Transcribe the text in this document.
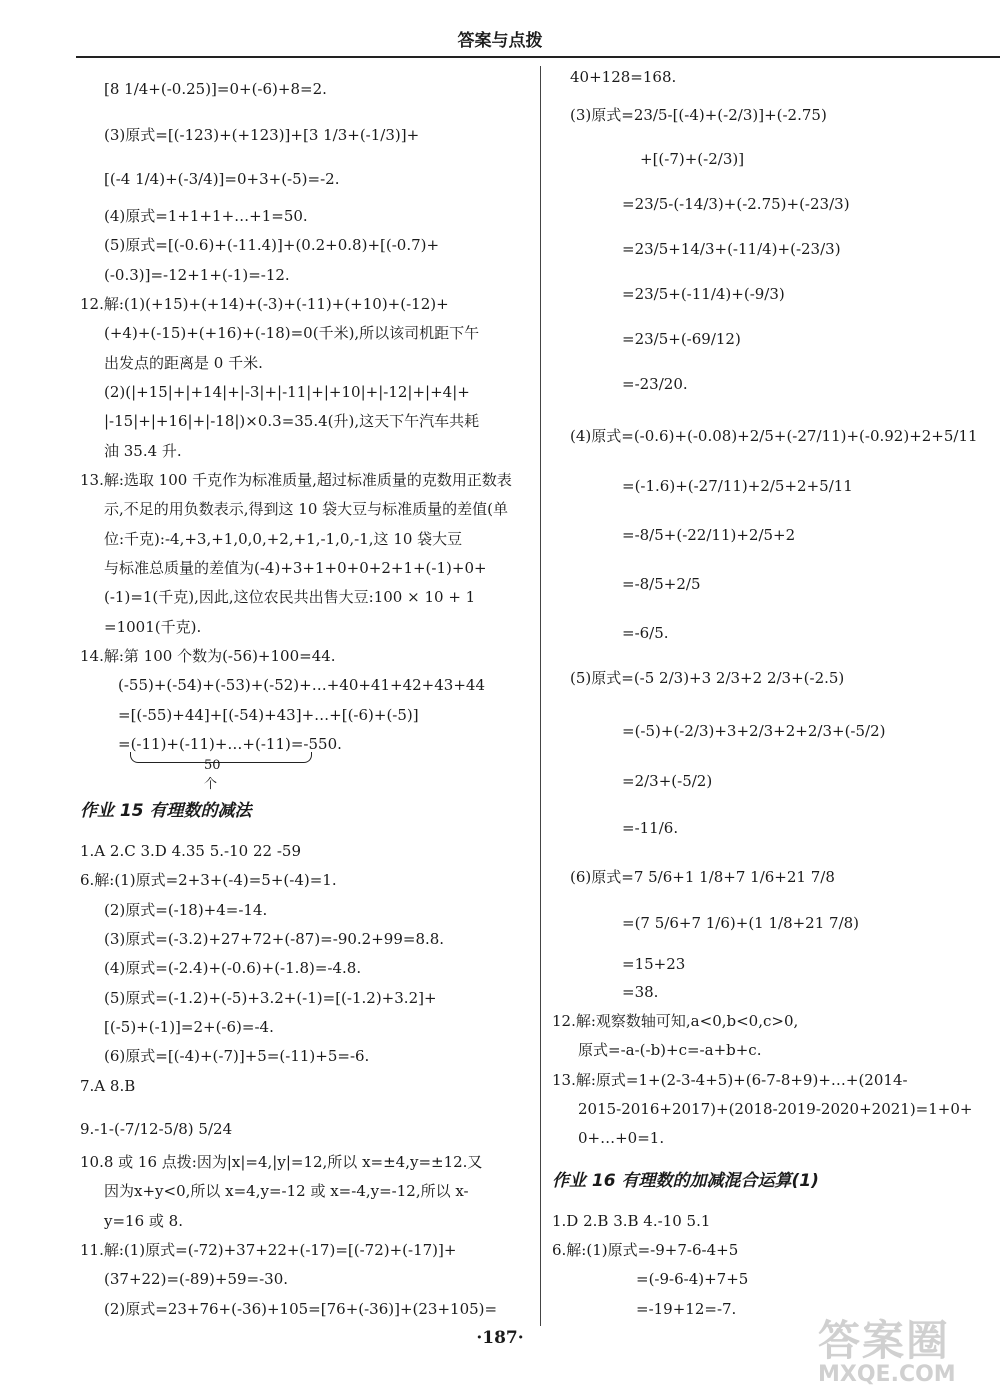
答案与点拨
[8 1/4+(-0.25)]=0+(-6)+8=2.
(3)原式=[(-123)+(+123)]+[3 1/3+(-1/3)]+
[(-4 1/4)+(-3/4)]=0+3+(-5)=-2.
(4)原式=1+1+1+…+1=50.
(5)原式=[(-0.6)+(-11.4)]+(0.2+0.8)+[(-0.7)+
(-0.3)]=-12+1+(-1)=-12.
12.解:(1)(+15)+(+14)+(-3)+(-11)+(+10)+(-12)+
(+4)+(-15)+(+16)+(-18)=0(千米),所以该司机距下午
出发点的距离是 0 千米.
(2)(|+15|+|+14|+|-3|+|-11|+|+10|+|-12|+|+4|+
|-15|+|+16|+|-18|)×0.3=35.4(升),这天下午汽车共耗
油 35.4 升.
13.解:选取 100 千克作为标准质量,超过标准质量的克数用正数表
示,不足的用负数表示,得到这 10 袋大豆与标准质量的差值(单
位:千克):-4,+3,+1,0,0,+2,+1,-1,0,-1,这 10 袋大豆
与标准总质量的差值为(-4)+3+1+0+0+2+1+(-1)+0+
(-1)=1(千克),因此,这位农民共出售大豆:100 × 10 + 1
=1001(千克).
14.解:第 100 个数为(-56)+100=44.
(-55)+(-54)+(-53)+(-52)+…+40+41+42+43+44
=[(-55)+44]+[(-54)+43]+…+[(-6)+(-5)]
=(-11)+(-11)+…+(-11)=-550.
50个
作业 15 有理数的减法
1.A 2.C 3.D 4.35 5.-10 22 -59
6.解:(1)原式=2+3+(-4)=5+(-4)=1.
(2)原式=(-18)+4=-14.
(3)原式=(-3.2)+27+72+(-87)=-90.2+99=8.8.
(4)原式=(-2.4)+(-0.6)+(-1.8)=-4.8.
(5)原式=(-1.2)+(-5)+3.2+(-1)=[(-1.2)+3.2]+
[(-5)+(-1)]=2+(-6)=-4.
(6)原式=[(-4)+(-7)]+5=(-11)+5=-6.
7.A 8.B
9.-1-(-7/12-5/8) 5/24
10.8 或 16 点拨:因为|x|=4,|y|=12,所以 x=±4,y=±12.又
因为x+y<0,所以 x=4,y=-12 或 x=-4,y=-12,所以 x-
y=16 或 8.
11.解:(1)原式=(-72)+37+22+(-17)=[(-72)+(-17)]+
(37+22)=(-89)+59=-30.
(2)原式=23+76+(-36)+105=[76+(-36)]+(23+105)=
40+128=168.
(3)原式=23/5-[(-4)+(-2/3)]+(-2.75)
+[(-7)+(-2/3)]
=23/5-(-14/3)+(-2.75)+(-23/3)
=23/5+14/3+(-11/4)+(-23/3)
=23/5+(-11/4)+(-9/3)
=23/5+(-69/12)
=-23/20.
(4)原式=(-0.6)+(-0.08)+2/5+(-27/11)+(-0.92)+2+5/11
=(-1.6)+(-27/11)+2/5+2+5/11
=-8/5+(-22/11)+2/5+2
=-8/5+2/5
=-6/5.
(5)原式=(-5 2/3)+3 2/3+2 2/3+(-2.5)
=(-5)+(-2/3)+3+2/3+2+2/3+(-5/2)
=2/3+(-5/2)
=-11/6.
(6)原式=7 5/6+1 1/8+7 1/6+21 7/8
=(7 5/6+7 1/6)+(1 1/8+21 7/8)
=15+23
=38.
12.解:观察数轴可知,a<0,b<0,c>0,
原式=-a-(-b)+c=-a+b+c.
13.解:原式=1+(2-3-4+5)+(6-7-8+9)+…+(2014-
2015-2016+2017)+(2018-2019-2020+2021)=1+0+
0+…+0=1.
作业 16 有理数的加减混合运算(1)
1.D 2.B 3.B 4.-10 5.1
6.解:(1)原式=-9+7-6-4+5
=(-9-6-4)+7+5
=-19+12=-7.
·187·	答案圈
MXQE.COM
